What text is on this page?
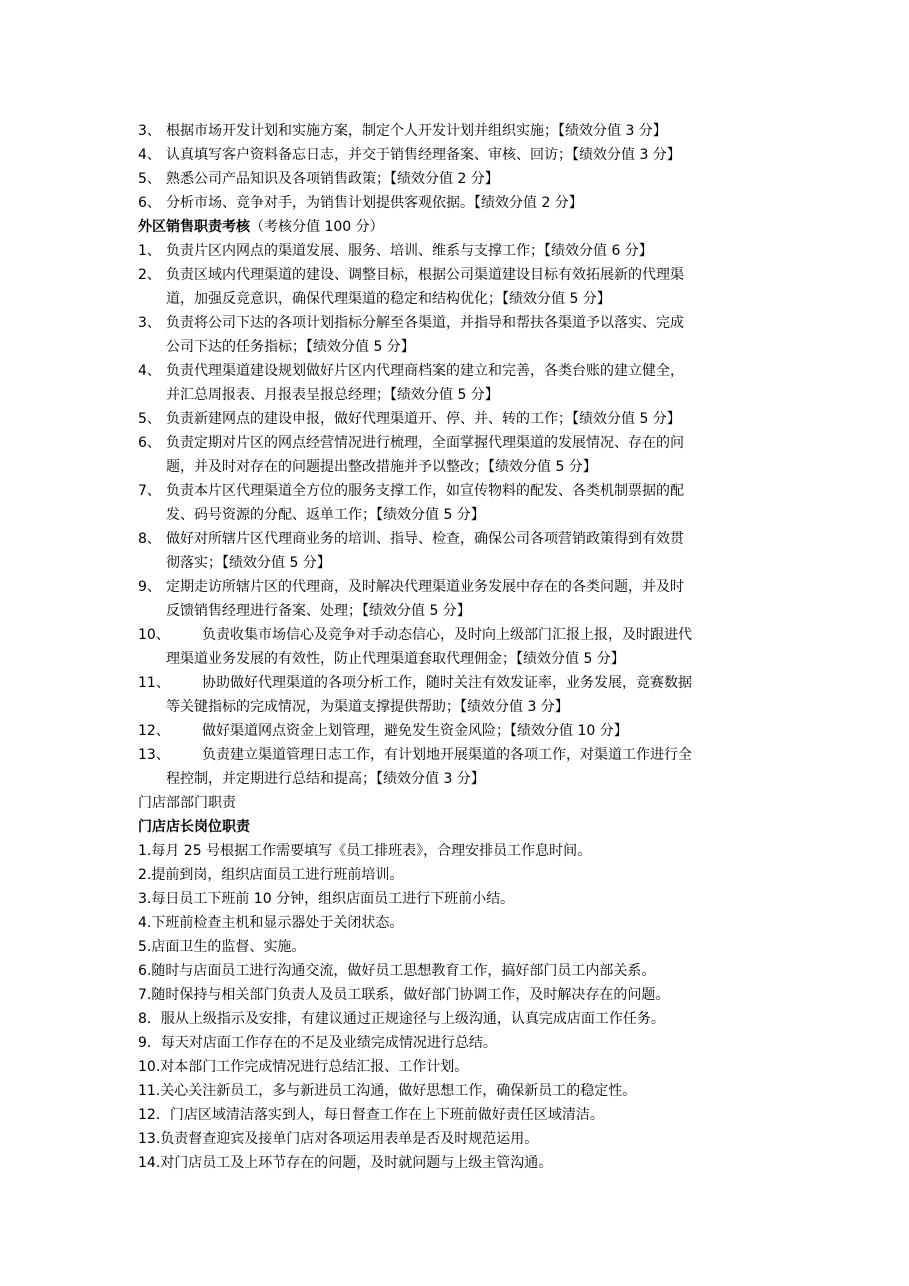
3、 根据市场开发计划和实施方案，制定个人开发计划并组织实施；【绩效分值 3 分】
4、 认真填写客户资料备忘日志，并交于销售经理备案、审核、回访；【绩效分值 3 分】
5、 熟悉公司产品知识及各项销售政策；【绩效分值 2 分】
6、 分析市场、竞争对手，为销售计划提供客观依据。【绩效分值 2 分】
外区销售职责考核（考核分值 100 分）
1、 负责片区内网点的渠道发展、服务、培训、维系与支撑工作；【绩效分值 6 分】
2、 负责区域内代理渠道的建设、调整目标，根据公司渠道建设目标有效拓展新的代理渠
道，加强反竞意识，确保代理渠道的稳定和结构优化；【绩效分值 5 分】
3、 负责将公司下达的各项计划指标分解至各渠道，并指导和帮扶各渠道予以落实、完成
公司下达的任务指标；【绩效分值 5 分】
4、 负责代理渠道建设规划做好片区内代理商档案的建立和完善，各类台账的建立健全，
并汇总周报表、月报表呈报总经理；【绩效分值 5 分】
5、 负责新建网点的建设申报，做好代理渠道开、停、并、转的工作；【绩效分值 5 分】
6、 负责定期对片区的网点经营情况进行梳理，全面掌握代理渠道的发展情况、存在的问
题，并及时对存在的问题提出整改措施并予以整改；【绩效分值 5 分】
7、 负责本片区代理渠道全方位的服务支撑工作，如宣传物料的配发、各类机制票据的配
发、码号资源的分配、返单工作；【绩效分值 5 分】
8、 做好对所辖片区代理商业务的培训、指导、检查，确保公司各项营销政策得到有效贯
彻落实；【绩效分值 5 分】
9、 定期走访所辖片区的代理商，及时解决代理渠道业务发展中存在的各类问题，并及时
反馈销售经理进行备案、处理；【绩效分值 5 分】
10、	负责收集市场信心及竞争对手动态信心，及时向上级部门汇报上报，及时跟进代
理渠道业务发展的有效性，防止代理渠道套取代理佣金；【绩效分值 5 分】
11、	协助做好代理渠道的各项分析工作，随时关注有效发证率，业务发展，竞赛数据
等关键指标的完成情况，为渠道支撑提供帮助；【绩效分值 3 分】
12、	做好渠道网点资金上划管理，避免发生资金风险；【绩效分值 10 分】
13、	负责建立渠道管理日志工作，有计划地开展渠道的各项工作，对渠道工作进行全
程控制，并定期进行总结和提高；【绩效分值 3 分】
门店部部门职责
门店店长岗位职责
1.每月 25 号根据工作需要填写《员工排班表》，合理安排员工作息时间。
2.提前到岗，组织店面员工进行班前培训。
3.每日员工下班前 10 分钟，组织店面员工进行下班前小结。
4.下班前检查主机和显示器处于关闭状态。
5.店面卫生的监督、实施。
6.随时与店面员工进行沟通交流，做好员工思想教育工作，搞好部门员工内部关系。
7.随时保持与相关部门负责人及员工联系，做好部门协调工作，及时解决存在的问题。
8．服从上级指示及安排，有建议通过正规途径与上级沟通，认真完成店面工作任务。
9．每天对店面工作存在的不足及业绩完成情况进行总结。
10.对本部门工作完成情况进行总结汇报、工作计划。
11.关心关注新员工，多与新进员工沟通，做好思想工作，确保新员工的稳定性。
12．门店区域清洁落实到人，每日督查工作在上下班前做好责任区域清洁。
13.负责督查迎宾及接单门店对各项运用表单是否及时规范运用。
14.对门店员工及上环节存在的问题，及时就问题与上级主管沟通。
